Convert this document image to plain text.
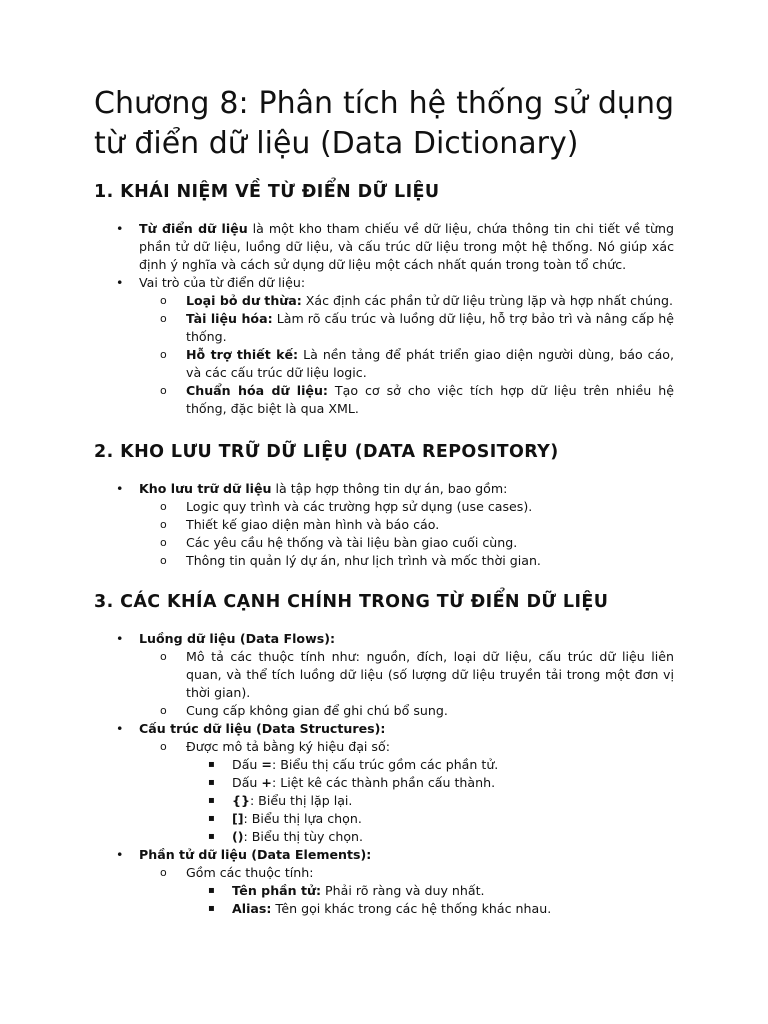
Chương 8: Phân tích hệ thống sử dụng từ điển dữ liệu (Data Dictionary)
1. KHÁI NIỆM VỀ TỪ ĐIỂN DỮ LIỆU
• Từ điển dữ liệu là một kho tham chiếu về dữ liệu, chứa thông tin chi tiết về từng phần tử dữ liệu, luồng dữ liệu, và cấu trúc dữ liệu trong một hệ thống. Nó giúp xác định ý nghĩa và cách sử dụng dữ liệu một cách nhất quán trong toàn tổ chức.
• Vai trò của từ điển dữ liệu:
o Loại bỏ dư thừa: Xác định các phần tử dữ liệu trùng lặp và hợp nhất chúng.
o Tài liệu hóa: Làm rõ cấu trúc và luồng dữ liệu, hỗ trợ bảo trì và nâng cấp hệ thống.
o Hỗ trợ thiết kế: Là nền tảng để phát triển giao diện người dùng, báo cáo, và các cấu trúc dữ liệu logic.
o Chuẩn hóa dữ liệu: Tạo cơ sở cho việc tích hợp dữ liệu trên nhiều hệ thống, đặc biệt là qua XML.
2. KHO LƯU TRỮ DỮ LIỆU (DATA REPOSITORY)
• Kho lưu trữ dữ liệu là tập hợp thông tin dự án, bao gồm:
o Logic quy trình và các trường hợp sử dụng (use cases).
o Thiết kế giao diện màn hình và báo cáo.
o Các yêu cầu hệ thống và tài liệu bàn giao cuối cùng.
o Thông tin quản lý dự án, như lịch trình và mốc thời gian.
3. CÁC KHÍA CẠNH CHÍNH TRONG TỪ ĐIỂN DỮ LIỆU
• Luồng dữ liệu (Data Flows):
o Mô tả các thuộc tính như: nguồn, đích, loại dữ liệu, cấu trúc dữ liệu liên quan, và thể tích luồng dữ liệu (số lượng dữ liệu truyền tải trong một đơn vị thời gian).
o Cung cấp không gian để ghi chú bổ sung.
• Cấu trúc dữ liệu (Data Structures):
o Được mô tả bằng ký hiệu đại số:
▪ Dấu =: Biểu thị cấu trúc gồm các phần tử.
▪ Dấu +: Liệt kê các thành phần cấu thành.
▪ {}: Biểu thị lặp lại.
▪ []: Biểu thị lựa chọn.
▪ (): Biểu thị tùy chọn.
• Phần tử dữ liệu (Data Elements):
o Gồm các thuộc tính:
▪ Tên phần tử: Phải rõ ràng và duy nhất.
▪ Alias: Tên gọi khác trong các hệ thống khác nhau.
